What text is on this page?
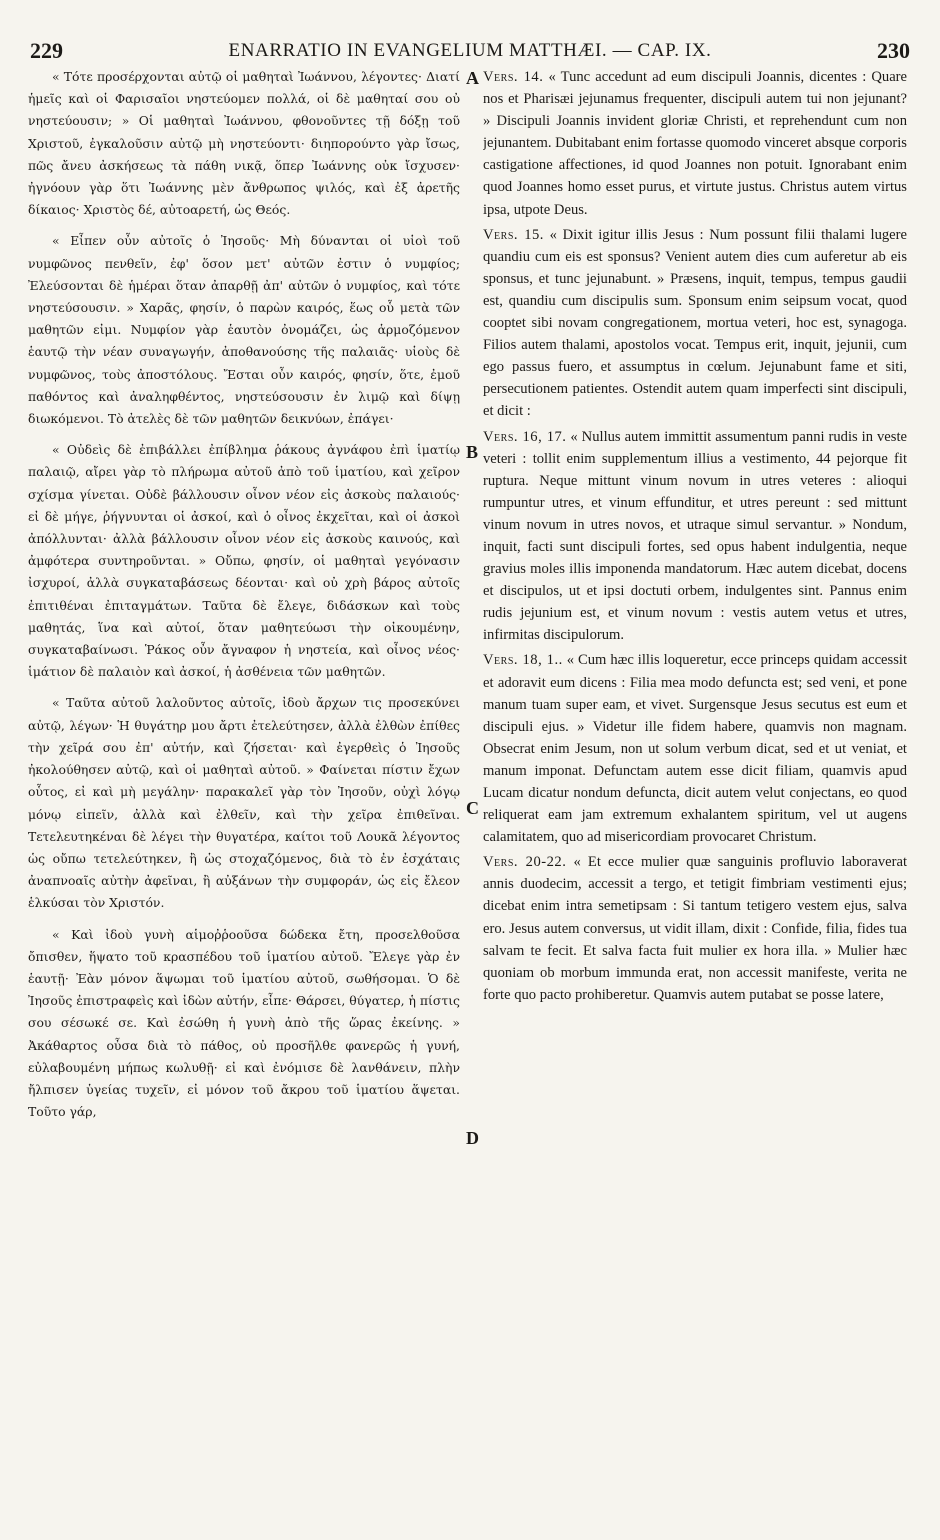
229	ENARRATIO IN EVANGELIUM MATTHÆI. — CAP. IX.	230

« Τότε προσέρχονται αὐτῷ οἱ μαθηταὶ Ἰωάννου, λέγοντες· Διατί ἡμεῖς καὶ οἱ Φαρισαῖοι νηστεύομεν πολλά, οἱ δὲ μαθηταί σου οὐ νηστεύουσιν; » Οἱ μαθηταὶ Ἰωάννου, φθονοῦντες τῇ δόξῃ τοῦ Χριστοῦ, ἐγκαλοῦσιν αὐτῷ μὴ νηστεύοντι· διηπορούντο γὰρ ἴσως, πῶς ἄνευ ἀσκήσεως τὰ πάθη νικᾷ, ὅπερ Ἰωάννης οὐκ ἴσχυσεν· ἠγνόουν γὰρ ὅτι Ἰωάννης μὲν ἄνθρωπος ψιλός, καὶ ἐξ ἀρετῆς δίκαιος· Χριστὸς δέ, αὐτοαρετή, ὡς Θεός.

« Εἶπεν οὖν αὐτοῖς ὁ Ἰησοῦς· Μὴ δύνανται οἱ υἱοὶ τοῦ νυμφῶνος πενθεῖν, ἐφ' ὅσον μετ' αὐτῶν ἐστιν ὁ νυμφίος; Ἐλεύσονται δὲ ἡμέραι ὅταν ἀπαρθῇ ἀπ' αὐτῶν ὁ νυμφίος, καὶ τότε νηστεύσουσιν. » Χαρᾶς, φησίν, ὁ παρὼν καιρός, ἕως οὗ μετὰ τῶν μαθητῶν εἰμι. Νυμφίον γὰρ ἑαυτὸν ὀνομάζει, ὡς ἁρμοζόμενον ἑαυτῷ τὴν νέαν συναγωγήν, ἀποθανούσης τῆς παλαιᾶς· υἱοὺς δὲ νυμφῶνος, τοὺς ἀποστόλους. Ἔσται οὖν καιρός, φησίν, ὅτε, ἐμοῦ παθόντος καὶ ἀναληφθέντος, νηστεύσουσιν ἐν λιμῷ καὶ δίψῃ διωκόμενοι. Τὸ ἀτελὲς δὲ τῶν μαθητῶν δεικνύων, ἐπάγει·

« Οὐδεὶς δὲ ἐπιβάλλει ἐπίβλημα ῥάκους ἀγνάφου ἐπὶ ἱματίῳ παλαιῷ, αἴρει γὰρ τὸ πλήρωμα αὐτοῦ ἀπὸ τοῦ ἱματίου, καὶ χεῖρον σχίσμα γίνεται. Οὐδὲ βάλλουσιν οἶνον νέον εἰς ἀσκοὺς παλαιούς· εἰ δὲ μήγε, ῥήγνυνται οἱ ἀσκοί, καὶ ὁ οἶνος ἐκχεῖται, καὶ οἱ ἀσκοὶ ἀπόλλυνται· ἀλλὰ βάλλουσιν οἶνον νέον εἰς ἀσκοὺς καινούς, καὶ ἀμφότερα συντηροῦνται. » Οὔπω, φησίν, οἱ μαθηταὶ γεγόνασιν ἰσχυροί, ἀλλὰ συγκαταβάσεως δέονται· καὶ οὐ χρὴ βάρος αὐτοῖς ἐπιτιθέναι ἐπιταγμάτων. Ταῦτα δὲ ἔλεγε, διδάσκων καὶ τοὺς μαθητάς, ἵνα καὶ αὐτοί, ὅταν μαθητεύωσι τὴν οἰκουμένην, συγκαταβαίνωσι. Ῥάκος οὖν ἄγναφον ἡ νηστεία, καὶ οἶνος νέος· ἱμάτιον δὲ παλαιὸν καὶ ἀσκοί, ἡ ἀσθένεια τῶν μαθητῶν.

« Ταῦτα αὐτοῦ λαλοῦντος αὐτοῖς, ἰδοὺ ἄρχων τις προσεκύνει αὐτῷ, λέγων· Ἡ θυγάτηρ μου ἄρτι ἐτελεύτησεν, ἀλλὰ ἐλθὼν ἐπίθες τὴν χεῖρά σου ἐπ' αὐτήν, καὶ ζήσεται· καὶ ἐγερθεὶς ὁ Ἰησοῦς ἠκολούθησεν αὐτῷ, καὶ οἱ μαθηταὶ αὐτοῦ. » Φαίνεται πίστιν ἔχων οὗτος, εἰ καὶ μὴ μεγάλην· παρακαλεῖ γὰρ τὸν Ἰησοῦν, οὐχὶ λόγῳ μόνῳ εἰπεῖν, ἀλλὰ καὶ ἐλθεῖν, καὶ τὴν χεῖρα ἐπιθεῖναι. Τετελευτηκέναι δὲ λέγει τὴν θυγατέρα, καίτοι τοῦ Λουκᾶ λέγοντος ὡς οὔπω τετελεύτηκεν, ἢ ὡς στοχαζόμενος, διὰ τὸ ἐν ἐσχάταις ἀναπνοαῖς αὐτὴν ἀφεῖναι, ἢ αὐξάνων τὴν συμφοράν, ὡς εἰς ἔλεον ἑλκύσαι τὸν Χριστόν.

« Καὶ ἰδοὺ γυνὴ αἱμοῤῥοοῦσα δώδεκα ἔτη, προσελθοῦσα ὄπισθεν, ἥψατο τοῦ κρασπέδου τοῦ ἱματίου αὐτοῦ. Ἔλεγε γὰρ ἐν ἑαυτῇ· Ἐὰν μόνον ἅψωμαι τοῦ ἱματίου αὐτοῦ, σωθήσομαι. Ὁ δὲ Ἰησοῦς ἐπιστραφεὶς καὶ ἰδὼν αὐτήν, εἶπε· Θάρσει, θύγατερ, ἡ πίστις σου σέσωκέ σε. Καὶ ἐσώθη ἡ γυνὴ ἀπὸ τῆς ὥρας ἐκείνης. » Ἀκάθαρτος οὖσα διὰ τὸ πάθος, οὐ προσῆλθε φανερῶς ἡ γυνή, εὐλαβουμένη μήπως κωλυθῇ· εἰ καὶ ἐνόμισε δὲ λανθάνειν, πλὴν ἤλπισεν ὑγείας τυχεῖν, εἰ μόνον τοῦ ἄκρου τοῦ ἱματίου ἅψεται. Τοῦτο γάρ,

A
B
C
D

Vers. 14. « Tunc accedunt ad eum discipuli Joannis, dicentes : Quare nos et Pharisæi jejunamus frequenter, discipuli autem tui non jejunant? » Discipuli Joannis invident gloriæ Christi, et reprehendunt cum non jejunantem. Dubitabant enim fortasse quomodo vinceret absque corporis castigatione affectiones, id quod Joannes non potuit. Ignorabant enim quod Joannes homo esset purus, et virtute justus. Christus autem virtus ipsa, utpote Deus.

Vers. 15. « Dixit igitur illis Jesus : Num possunt filii thalami lugere quandiu cum eis est sponsus? Venient autem dies cum auferetur ab eis sponsus, et tunc jejunabunt. » Præsens, inquit, tempus, tempus gaudii est, quandiu cum discipulis sum. Sponsum enim seipsum vocat, quod cooptet sibi novam congregationem, mortua veteri, hoc est, synagoga. Filios autem thalami, apostolos vocat. Tempus erit, inquit, jejunii, cum ego passus fuero, et assumptus in cœlum. Jejunabunt fame et siti, persecutionem patientes. Ostendit autem quam imperfecti sint discipuli, et dicit :

Vers. 16, 17. « Nullus autem immittit assumentum panni rudis in veste veteri : tollit enim supplementum illius a vestimento, 44 pejorque fit ruptura. Neque mittunt vinum novum in utres veteres : alioqui rumpuntur utres, et vinum effunditur, et utres pereunt : sed mittunt vinum novum in utres novos, et utraque simul servantur. » Nondum, inquit, facti sunt discipuli fortes, sed opus habent indulgentia, neque gravius moles illis imponenda mandatorum. Hæc autem dicebat, docens et discipulos, ut et ipsi doctuti orbem, indulgentes sint. Pannus enim rudis jejunium est, et vinum novum : vestis autem vetus et utres, infirmitas discipulorum.

Vers. 18, 1.. « Cum hæc illis loqueretur, ecce princeps quidam accessit et adoravit eum dicens : Filia mea modo defuncta est; sed veni, et pone manum tuam super eam, et vivet. Surgensque Jesus secutus est eum et discipuli ejus. » Videtur ille fidem habere, quamvis non magnam. Obsecrat enim Jesum, non ut solum verbum dicat, sed et ut veniat, et manum imponat. Defunctam autem esse dicit filiam, quamvis apud Lucam dicatur nondum defuncta, dicit autem velut conjectans, eo quod reliquerat eam jam extremum exhalantem spiritum, vel ut augens calamitatem, quo ad misericordiam provocaret Christum.

Vers. 20-22. « Et ecce mulier quæ sanguinis profluvio laboraverat annis duodecim, accessit a tergo, et tetigit fimbriam vestimenti ejus; dicebat enim intra semetipsam : Si tantum tetigero vestem ejus, salva ero. Jesus autem conversus, ut vidit illam, dixit : Confide, filia, fides tua salvam te fecit. Et salva facta fuit mulier ex hora illa. » Mulier hæc quoniam ob morbum immunda erat, non accessit manifeste, verita ne forte quo pacto prohiberetur. Quamvis autem putabat se posse latere,
